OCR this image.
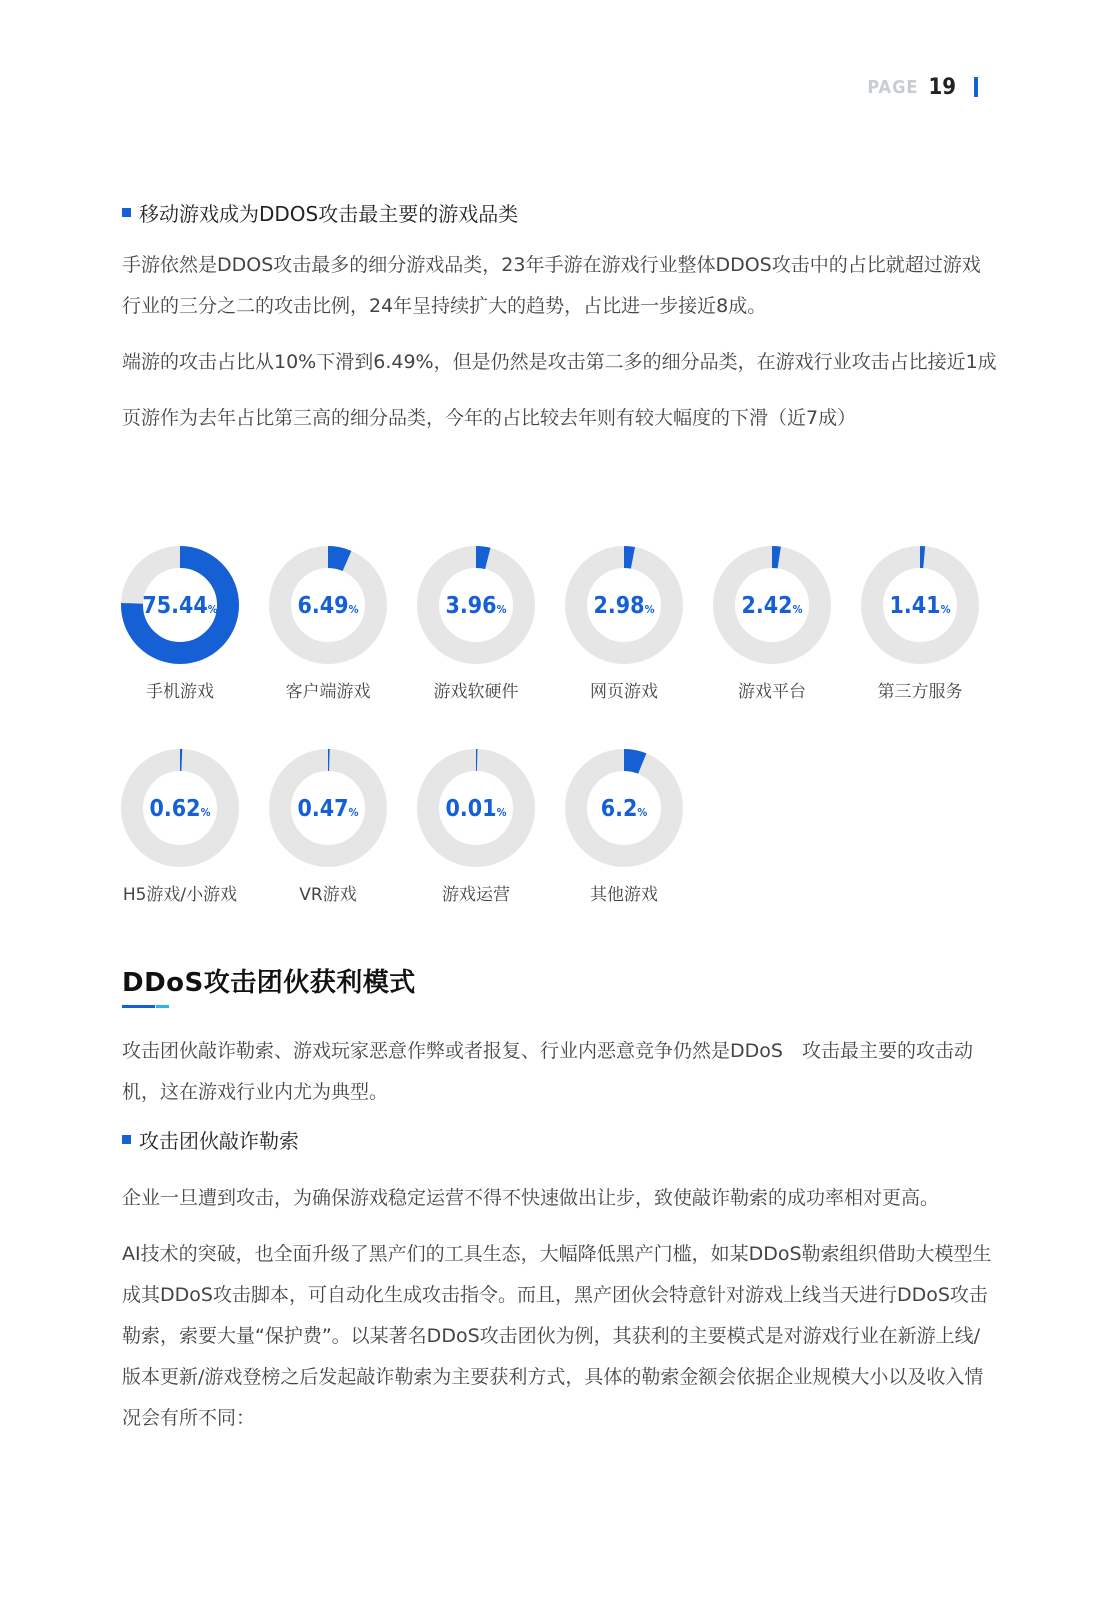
PAGE 19
移动游戏成为DDOS攻击最主要的游戏品类
手游依然是DDOS攻击最多的细分游戏品类，23年手游在游戏行业整体DDOS攻击中的占比就超过游戏行业的三分之二的攻击比例，24年呈持续扩大的趋势，占比进一步接近8成。
端游的攻击占比从10%下滑到6.49%，但是仍然是攻击第二多的细分品类，在游戏行业攻击占比接近1成
页游作为去年占比第三高的细分品类，今年的占比较去年则有较大幅度的下滑（近7成）
75.44%
手机游戏
6.49%
客户端游戏
3.96%
游戏软硬件
2.98%
网页游戏
2.42%
游戏平台
1.41%
第三方服务
0.62%
H5游戏/小游戏
0.47%
VR游戏
0.01%
游戏运营
6.2%
其他游戏
DDoS攻击团伙获利模式
攻击团伙敲诈勒索、游戏玩家恶意作弊或者报复、行业内恶意竞争仍然是DDoS　攻击最主要的攻击动机，这在游戏行业内尤为典型。
攻击团伙敲诈勒索
企业一旦遭到攻击，为确保游戏稳定运营不得不快速做出让步，致使敲诈勒索的成功率相对更高。
AI技术的突破，也全面升级了黑产们的工具生态，大幅降低黑产门槛，如某DDoS勒索组织借助大模型生成其DDoS攻击脚本，可自动化生成攻击指令。而且，黑产团伙会特意针对游戏上线当天进行DDoS攻击勒索，索要大量“保护费”。以某著名DDoS攻击团伙为例，其获利的主要模式是对游戏行业在新游上线/版本更新/游戏登榜之后发起敲诈勒索为主要获利方式，具体的勒索金额会依据企业规模大小以及收入情况会有所不同：
